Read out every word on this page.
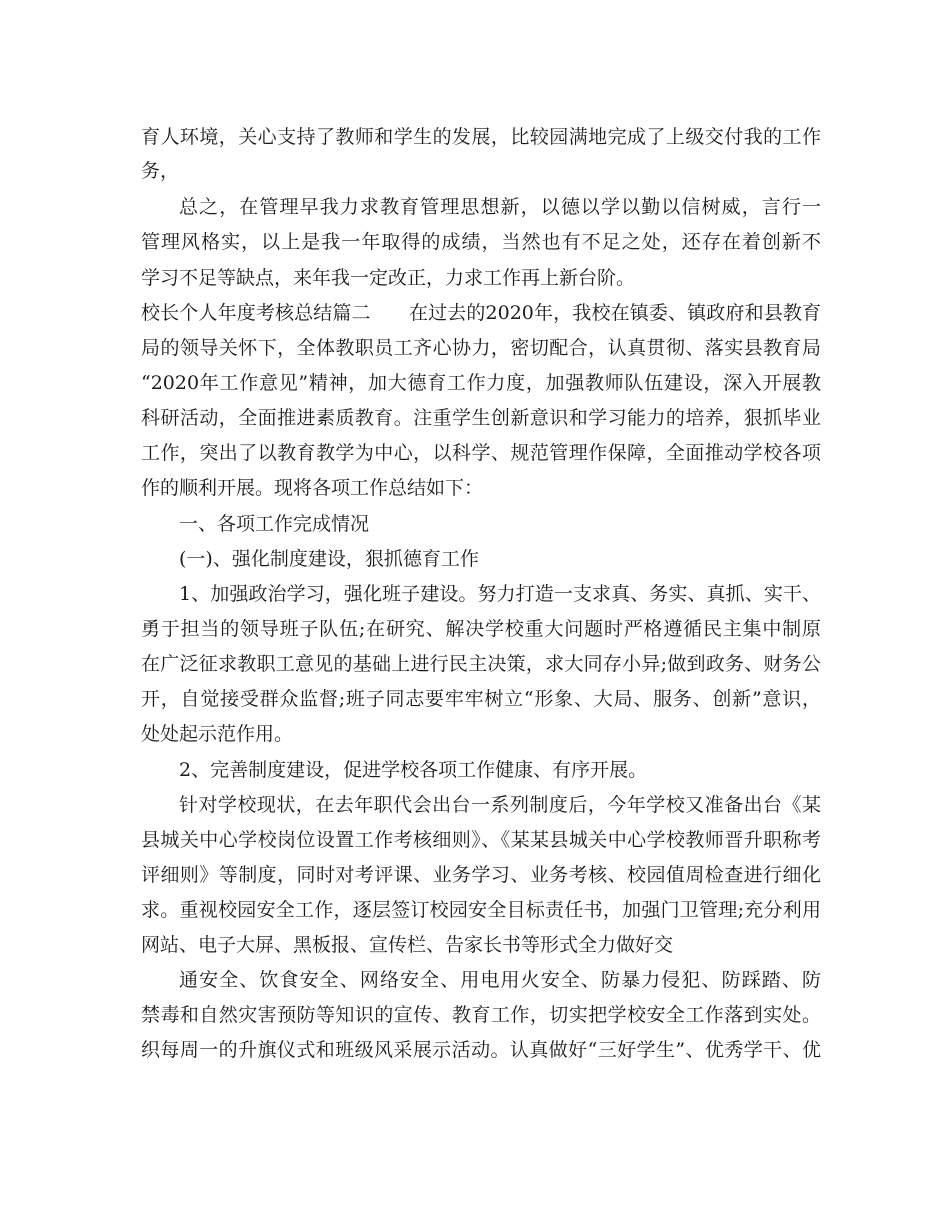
育人环境，关心支持了教师和学生的发展，比较园满地完成了上级交付我的工作
务，
总之，在管理早我力求教育管理思想新，以德以学以勤以信树威，言行一
管理风格实，以上是我一年取得的成绩，当然也有不足之处，还存在着创新不
学习不足等缺点，来年我一定改正，力求工作再上新台阶。
校长个人年度考核总结篇二　　在过去的2020年，我校在镇委、镇政府和县教育
局的领导关怀下，全体教职员工齐心协力，密切配合，认真贯彻、落实县教育局
“2020年工作意见”精神，加大德育工作力度，加强教师队伍建设，深入开展教
科研活动，全面推进素质教育。注重学生创新意识和学习能力的培养，狠抓毕业
工作，突出了以教育教学为中心，以科学、规范管理作保障，全面推动学校各项
作的顺利开展。现将各项工作总结如下：
一、各项工作完成情况
(一)、强化制度建设，狠抓德育工作
1、加强政治学习，强化班子建设。努力打造一支求真、务实、真抓、实干、
勇于担当的领导班子队伍;在研究、解决学校重大问题时严格遵循民主集中制原
在广泛征求教职工意见的基础上进行民主决策，求大同存小异;做到政务、财务公
开，自觉接受群众监督;班子同志要牢牢树立“形象、大局、服务、创新”意识，
处处起示范作用。
2、完善制度建设，促进学校各项工作健康、有序开展。
针对学校现状，在去年职代会出台一系列制度后，今年学校又准备出台《某
县城关中心学校岗位设置工作考核细则》、《某某县城关中心学校教师晋升职称考
评细则》等制度，同时对考评课、业务学习、业务考核、校园值周检查进行细化
求。重视校园安全工作，逐层签订校园安全目标责任书，加强门卫管理;充分利用
网站、电子大屏、黑板报、宣传栏、告家长书等形式全力做好交
通安全、饮食安全、网络安全、用电用火安全、防暴力侵犯、防踩踏、防
禁毒和自然灾害预防等知识的宣传、教育工作，切实把学校安全工作落到实处。
织每周一的升旗仪式和班级风采展示活动。认真做好“三好学生”、优秀学干、优
